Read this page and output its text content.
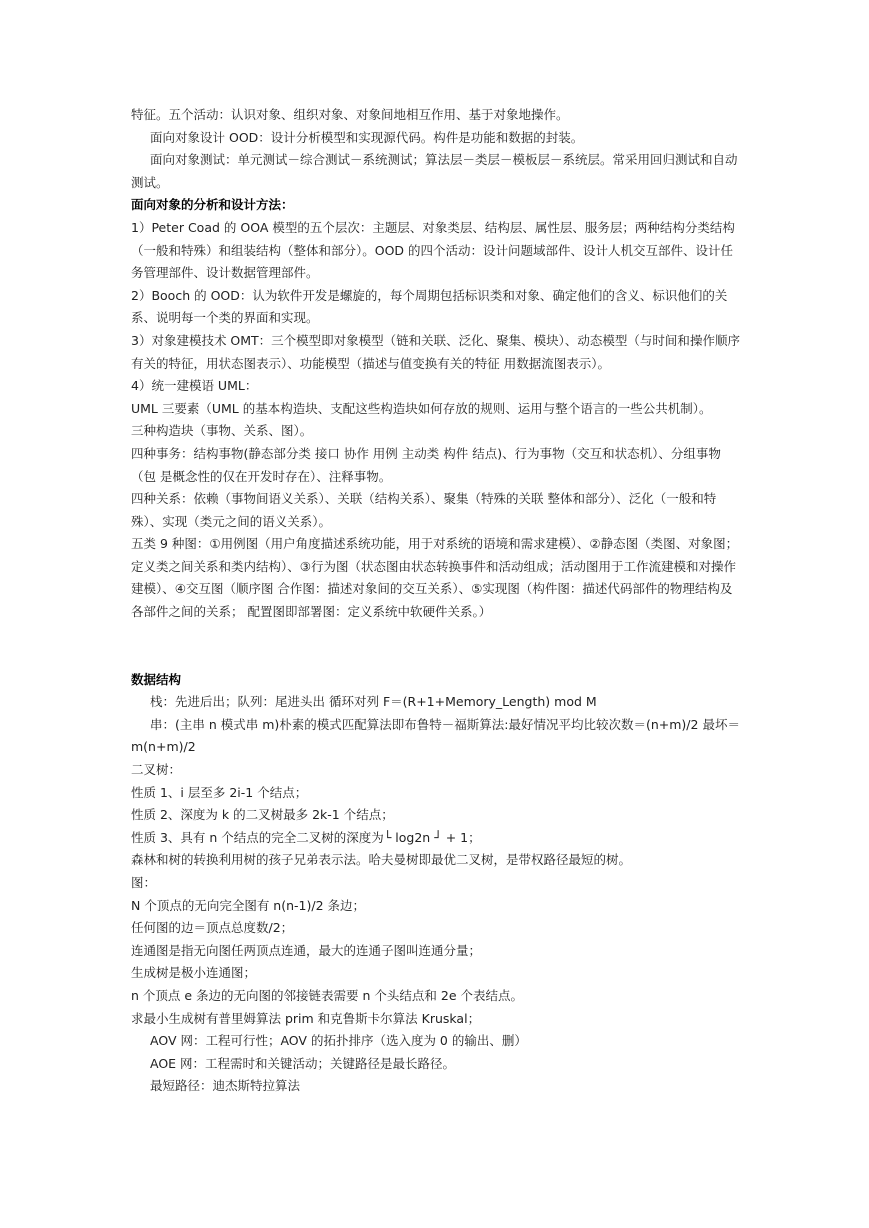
特征。五个活动：认识对象、组织对象、对象间地相互作用、基于对象地操作。

面向对象设计 OOD：设计分析模型和实现源代码。构件是功能和数据的封装。

面向对象测试：单元测试－综合测试－系统测试；算法层－类层－模板层－系统层。常采用回归测试和自动测试。

面向对象的分析和设计方法：

1）Peter Coad 的 OOA 模型的五个层次：主题层、对象类层、结构层、属性层、服务层；两种结构分类结构（一般和特殊）和组装结构（整体和部分）。OOD 的四个活动：设计问题域部件、设计人机交互部件、设计任务管理部件、设计数据管理部件。

2）Booch 的 OOD：认为软件开发是螺旋的，每个周期包括标识类和对象、确定他们的含义、标识他们的关系、说明每一个类的界面和实现。

3）对象建模技术 OMT：三个模型即对象模型（链和关联、泛化、聚集、模块）、动态模型（与时间和操作顺序有关的特征，用状态图表示）、功能模型（描述与值变换有关的特征 用数据流图表示）。

4）统一建模语 UML：

UML 三要素（UML 的基本构造块、支配这些构造块如何存放的规则、运用与整个语言的一些公共机制）。

三种构造块（事物、关系、图）。

四种事务：结构事物(静态部分类 接口 协作 用例 主动类 构件 结点)、行为事物（交互和状态机）、分组事物（包 是概念性的仅在开发时存在）、注释事物。

四种关系：依赖（事物间语义关系）、关联（结构关系）、聚集（特殊的关联 整体和部分）、泛化（一般和特殊）、实现（类元之间的语义关系）。

五类 9 种图：①用例图（用户角度描述系统功能，用于对系统的语境和需求建模）、②静态图（类图、对象图；定义类之间关系和类内结构）、③行为图（状态图由状态转换事件和活动组成；活动图用于工作流建模和对操作建模）、④交互图（顺序图 合作图：描述对象间的交互关系）、⑤实现图（构件图：描述代码部件的物理结构及各部件之间的关系； 配置图即部署图：定义系统中软硬件关系。）

数据结构

栈：先进后出；队列：尾进头出 循环对列 F＝(R+1+Memory_Length) mod M

串：(主串 n 模式串 m)朴素的模式匹配算法即布鲁特－福斯算法:最好情况平均比较次数＝(n+m)/2 最坏＝m(n+m)/2

二叉树：

性质 1、i 层至多 2i-1 个结点；

性质 2、深度为 k 的二叉树最多 2k-1 个结点；

性质 3、具有 n 个结点的完全二叉树的深度为└ log2n ┘ + 1；

森林和树的转换利用树的孩子兄弟表示法。哈夫曼树即最优二叉树，是带权路径最短的树。

图：

N 个顶点的无向完全图有 n(n-1)/2 条边；

任何图的边＝顶点总度数/2；

连通图是指无向图任两顶点连通，最大的连通子图叫连通分量；

生成树是极小连通图；

n 个顶点 e 条边的无向图的邻接链表需要 n 个头结点和 2e 个表结点。

求最小生成树有普里姆算法 prim 和克鲁斯卡尔算法 Kruskal；

AOV 网：工程可行性；AOV 的拓扑排序（选入度为 0 的输出、删）

AOE 网：工程需时和关键活动；关键路径是最长路径。

最短路径：迪杰斯特拉算法
